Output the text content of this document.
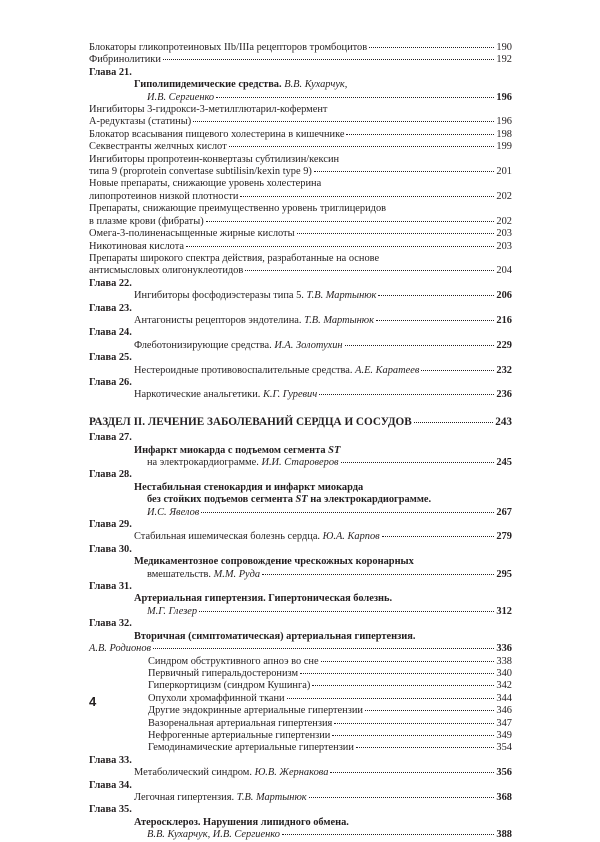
Блокаторы гликопротеиновых IIb/IIIa рецепторов тромбоцитов	190
Фибринолитики	192
Глава 21.
Гиполипидемические средства. В.В. Кухарчук,
И.В. Сергиенко	196
Ингибиторы 3-гидрокси-3-метилглютарил-кофермент
А-редуктазы (статины)	196
Блокатор всасывания пищевого холестерина в кишечнике	198
Секвестранты желчных кислот	199
Ингибиторы пропротеин-конвертазы субтилизин/кексин
типа 9 (proprotein convertase subtilisin/kexin type 9)	201
Новые препараты, снижающие уровень холестерина
липопротеинов низкой плотности	202
Препараты, снижающие преимущественно уровень триглицеридов
в плазме крови (фибраты)	202
Омега-3-полиненасыщенные жирные кислоты	203
Никотиновая кислота	203
Препараты широкого спектра действия, разработанные на основе
антисмысловых олигонуклеотидов	204
Глава 22.
Ингибиторы фосфодиэстеразы типа 5. Т.В. Мартынюк	206
Глава 23.
Антагонисты рецепторов эндотелина. Т.В. Мартынюк	216
Глава 24.
Флеботонизирующие средства. И.А. Золотухин	229
Глава 25.
Нестероидные противовоспалительные средства. А.Е. Каратеев	232
Глава 26.
Наркотические анальгетики. К.Г. Гуревич	236
РАЗДЕЛ II. ЛЕЧЕНИЕ ЗАБОЛЕВАНИЙ СЕРДЦА И СОСУДОВ	243
Глава 27.
Инфаркт миокарда с подъемом сегмента ST
на электрокардиограмме. И.И. Староверов	245
Глава 28.
Нестабильная стенокардия и инфаркт миокарда
без стойких подъемов сегмента ST на электрокардиограмме.
И.С. Явелов	267
Глава 29.
Стабильная ишемическая болезнь сердца. Ю.А. Карпов	279
Глава 30.
Медикаментозное сопровождение чрескожных коронарных
вмешательств. М.М. Руда	295
Глава 31.
Артериальная гипертензия. Гипертоническая болезнь.
М.Г. Глезер	312
Глава 32.
Вторичная (симптоматическая) артериальная гипертензия.
А.В. Родионов	336
Синдром обструктивного апноэ во сне	338
Первичный гиперальдостеронизм	340
Гиперкортицизм (синдром Кушинга)	342
Опухоли хромаффинной ткани	344
Другие эндокринные артериальные гипертензии	346
Вазоренальная артериальная гипертензия	347
Нефрогенные артериальные гипертензии	349
Гемодинамические артериальные гипертензии	354
Глава 33.
Метаболический синдром. Ю.В. Жернакова	356
Глава 34.
Легочная гипертензия. Т.В. Мартынюк	368
Глава 35.
Атеросклероз. Нарушения липидного обмена.
В.В. Кухарчук, И.В. Сергиенко	388
4
